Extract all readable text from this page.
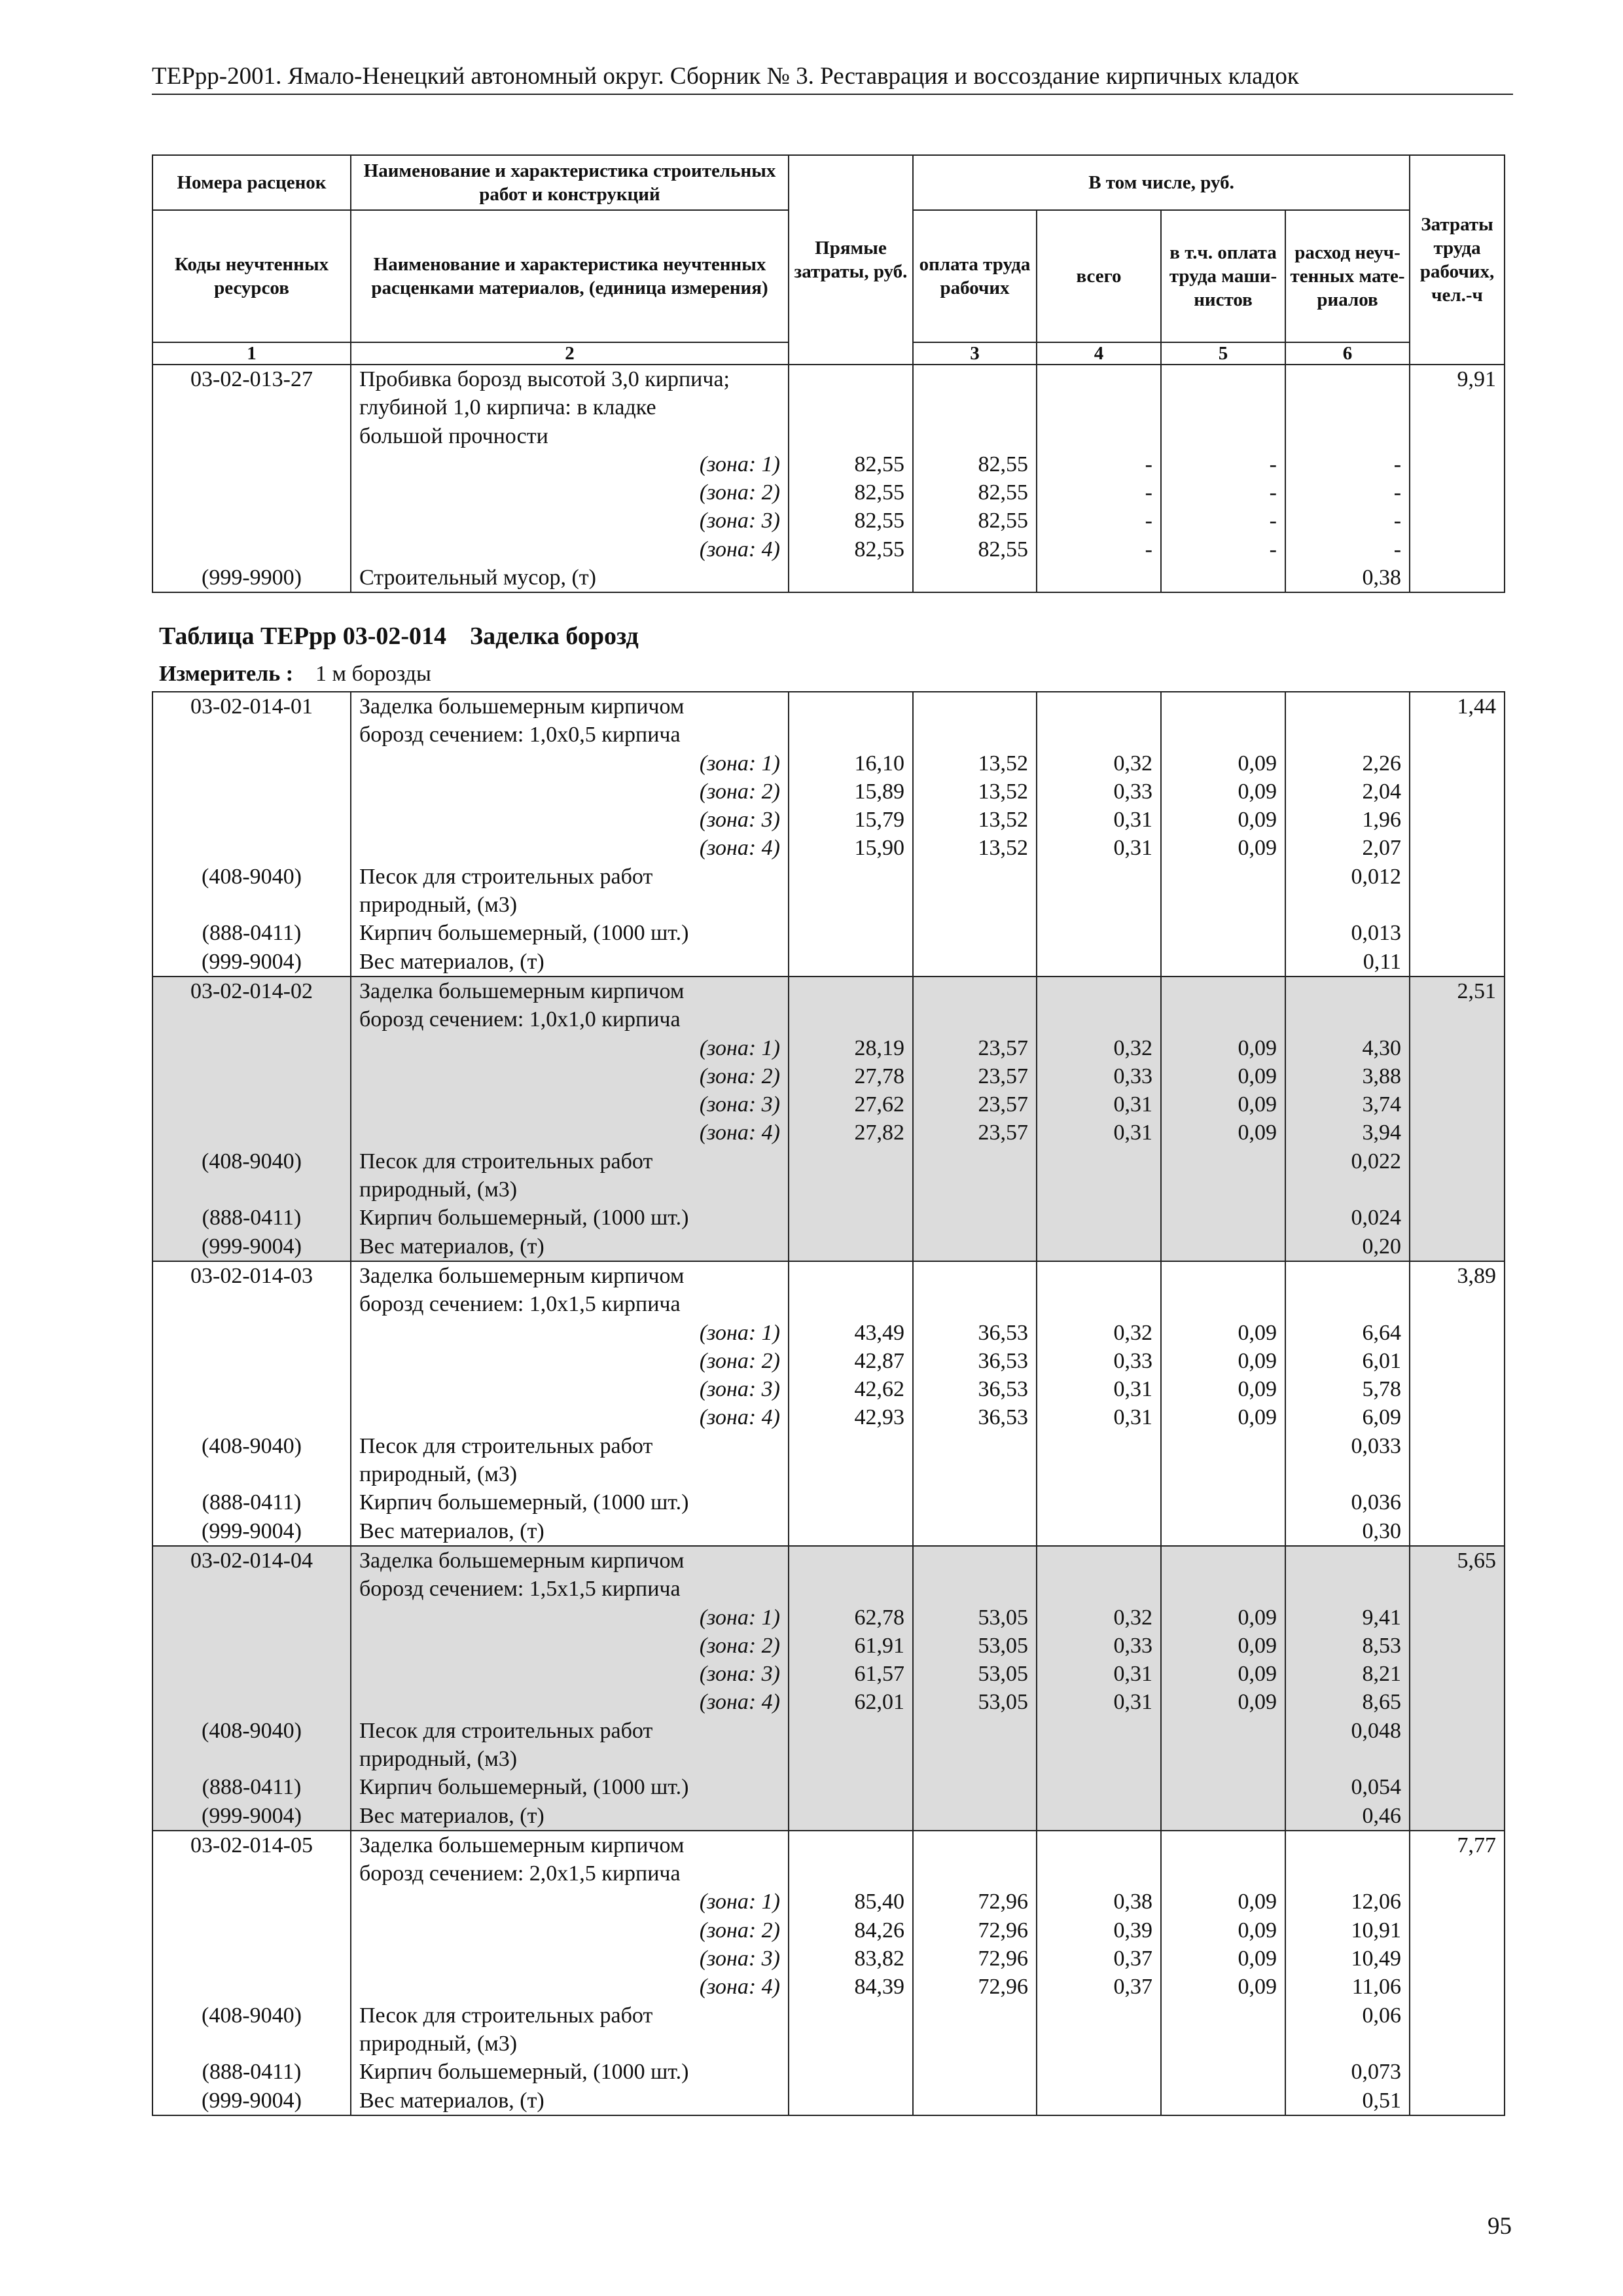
ТЕРрр-2001. Ямало-Ненецкий автономный округ. Сборник № 3. Реставрация и воссоздание кирпичных кладок
Номера расценок	Наименование и характеристика строительных работ и конструкций	Прямые затраты, руб.	В том числе, руб.				Затраты труда рабочих, чел.-ч	
Коды неучтенных ресурсов	Наименование и характеристика неучтенных расценками материалов, (единица измерения)		оплата труда рабочих	всего	в т.ч. оплата труда маши-нистов	расход неуч-тенных мате-риалов		
1	2		3	4	5	6		
03-02-013-27	Пробивка борозд высотой 3,0 кирпича;						9,91	
	глубиной 1,0 кирпича: в кладке							
	большой прочности							
	(зона: 1)	82,55	82,55	-	-	-		
	(зона: 2)	82,55	82,55	-	-	-		
	(зона: 3)	82,55	82,55	-	-	-		
	(зона: 4)	82,55	82,55	-	-	-		
(999-9900)	Строительный мусор, (т)					0,38		
Таблица ТЕРрр 03-02-014 Заделка борозд
Измеритель : 1 м борозды
03-02-014-01	Заделка большемерным кирпичом						1,44
	борозд сечением: 1,0х0,5 кирпича						
	(зона: 1)	16,10	13,52	0,32	0,09	2,26	
	(зона: 2)	15,89	13,52	0,33	0,09	2,04	
	(зона: 3)	15,79	13,52	0,31	0,09	1,96	
	(зона: 4)	15,90	13,52	0,31	0,09	2,07	
(408-9040)	Песок для строительных работ					0,012	
	природный, (м3)						
(888-0411)	Кирпич большемерный, (1000 шт.)					0,013	
(999-9004)	Вес материалов, (т)					0,11	
03-02-014-02	Заделка большемерным кирпичом						2,51
	борозд сечением: 1,0х1,0 кирпича						
	(зона: 1)	28,19	23,57	0,32	0,09	4,30	
	(зона: 2)	27,78	23,57	0,33	0,09	3,88	
	(зона: 3)	27,62	23,57	0,31	0,09	3,74	
	(зона: 4)	27,82	23,57	0,31	0,09	3,94	
(408-9040)	Песок для строительных работ					0,022	
	природный, (м3)						
(888-0411)	Кирпич большемерный, (1000 шт.)					0,024	
(999-9004)	Вес материалов, (т)					0,20	
03-02-014-03	Заделка большемерным кирпичом						3,89
	борозд сечением: 1,0х1,5 кирпича						
	(зона: 1)	43,49	36,53	0,32	0,09	6,64	
	(зона: 2)	42,87	36,53	0,33	0,09	6,01	
	(зона: 3)	42,62	36,53	0,31	0,09	5,78	
	(зона: 4)	42,93	36,53	0,31	0,09	6,09	
(408-9040)	Песок для строительных работ					0,033	
	природный, (м3)						
(888-0411)	Кирпич большемерный, (1000 шт.)					0,036	
(999-9004)	Вес материалов, (т)					0,30	
03-02-014-04	Заделка большемерным кирпичом						5,65
	борозд сечением: 1,5х1,5 кирпича						
	(зона: 1)	62,78	53,05	0,32	0,09	9,41	
	(зона: 2)	61,91	53,05	0,33	0,09	8,53	
	(зона: 3)	61,57	53,05	0,31	0,09	8,21	
	(зона: 4)	62,01	53,05	0,31	0,09	8,65	
(408-9040)	Песок для строительных работ					0,048	
	природный, (м3)						
(888-0411)	Кирпич большемерный, (1000 шт.)					0,054	
(999-9004)	Вес материалов, (т)					0,46	
03-02-014-05	Заделка большемерным кирпичом						7,77
	борозд сечением: 2,0х1,5 кирпича						
	(зона: 1)	85,40	72,96	0,38	0,09	12,06	
	(зона: 2)	84,26	72,96	0,39	0,09	10,91	
	(зона: 3)	83,82	72,96	0,37	0,09	10,49	
	(зона: 4)	84,39	72,96	0,37	0,09	11,06	
(408-9040)	Песок для строительных работ					0,06	
	природный, (м3)						
(888-0411)	Кирпич большемерный, (1000 шт.)					0,073	
(999-9004)	Вес материалов, (т)					0,51	
95
